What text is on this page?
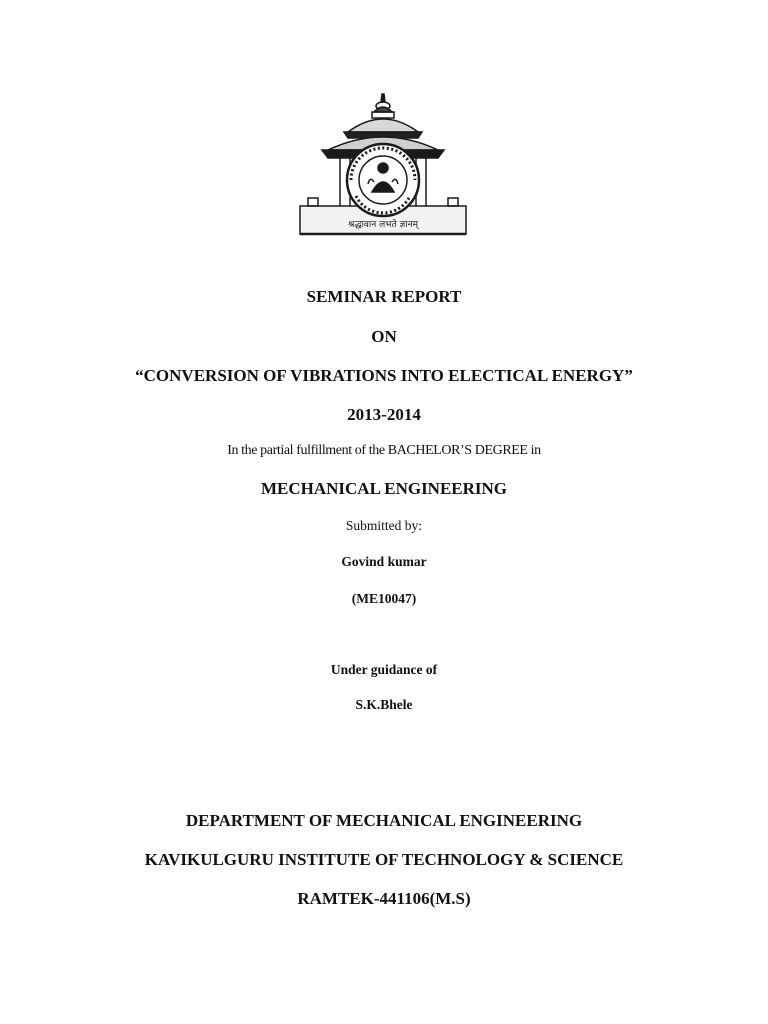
श्रद्धावान लभते ज्ञानम्
SEMINAR REPORT
ON
“CONVERSION OF VIBRATIONS INTO ELECTICAL ENERGY”
2013-2014
In the partial fulfillment of the BACHELOR’S DEGREE in
MECHANICAL ENGINEERING
Submitted by:
Govind kumar
(ME10047)
Under guidance of
S.K.Bhele
DEPARTMENT OF MECHANICAL ENGINEERING
KAVIKULGURU INSTITUTE OF TECHNOLOGY & SCIENCE
RAMTEK-441106(M.S)
